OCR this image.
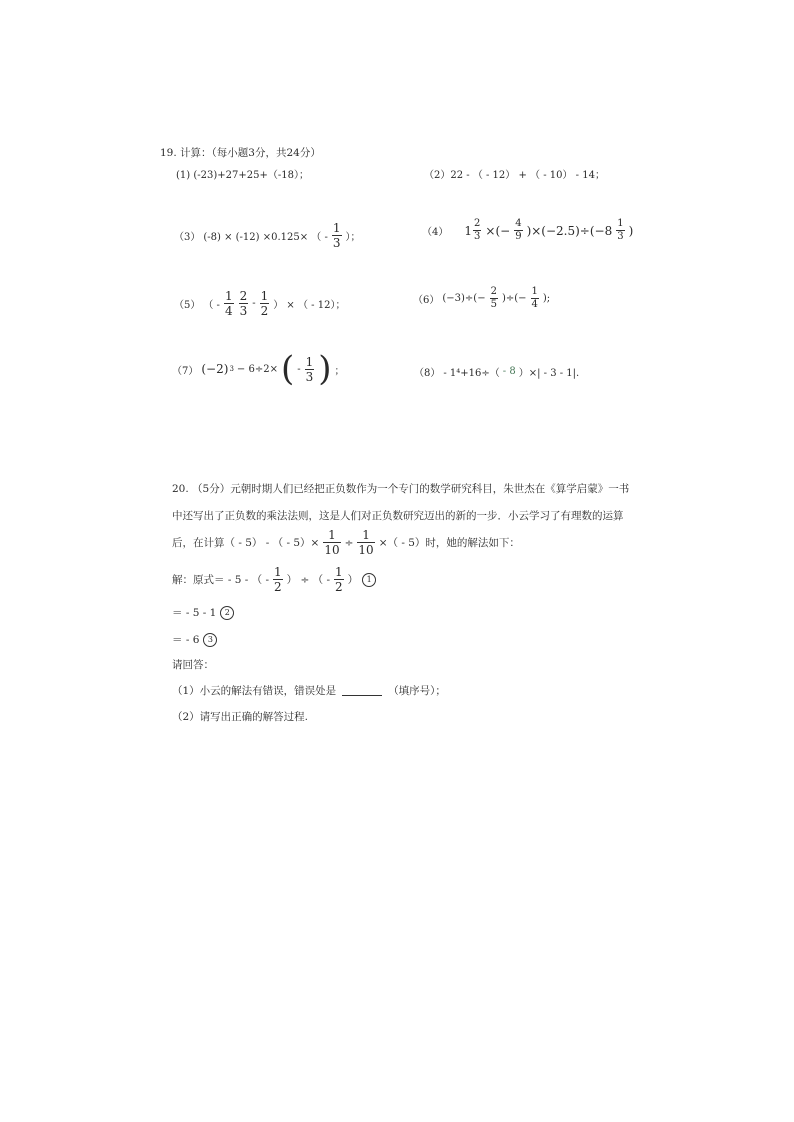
19. 计算：（每小题3分，共24分）
(1) (-23)+27+25+（-18）；	（2）22 - （ - 12） + （ - 10） - 14；
（3） (-8) × (-12) ×0.125× （ - $\frac{1}{3}$ ）；	（4） $1 \frac{2}{3}$ ×(− $\frac{4}{9} )\times(-2.5)\div(-8 \frac{1}{3}$ )
（5） （ - $\frac{1}{4} \frac{2}{3} - \frac{1}{2}$ ） × （ - 12）；	（6） $(-3)\div(- \frac{2}{5}$ )÷(− $\frac{1}{4}$ );
（7） (−2) 3 − 6÷2× ( - $\frac{1}{3}$ ) ；	（8） - 1⁴+16÷（ - 8 ）×| - 3 - 1|.
20. （5分）元朝时期人们已经把正负数作为一个专门的数学研究科目，朱世杰在《算学启蒙》一书
中还写出了正负数的乘法法则，这是人们对正负数研究迈出的新的一步．小云学习了有理数的运算
后，在计算（ - 5） - （ - $5)\times \frac{1}{10} \div \frac{1}{10}$ ×（ - 5）时，她的解法如下：
解：原式＝ - 5 - （ - $\frac{1}{2}$ ） ÷ （ - $\frac{1}{2}$ ）	1
＝ - 5 - 1	2
＝ - 6	3
请回答：
（1）小云的解法有错误，错误处是	（填序号）；
（2）请写出正确的解答过程.
